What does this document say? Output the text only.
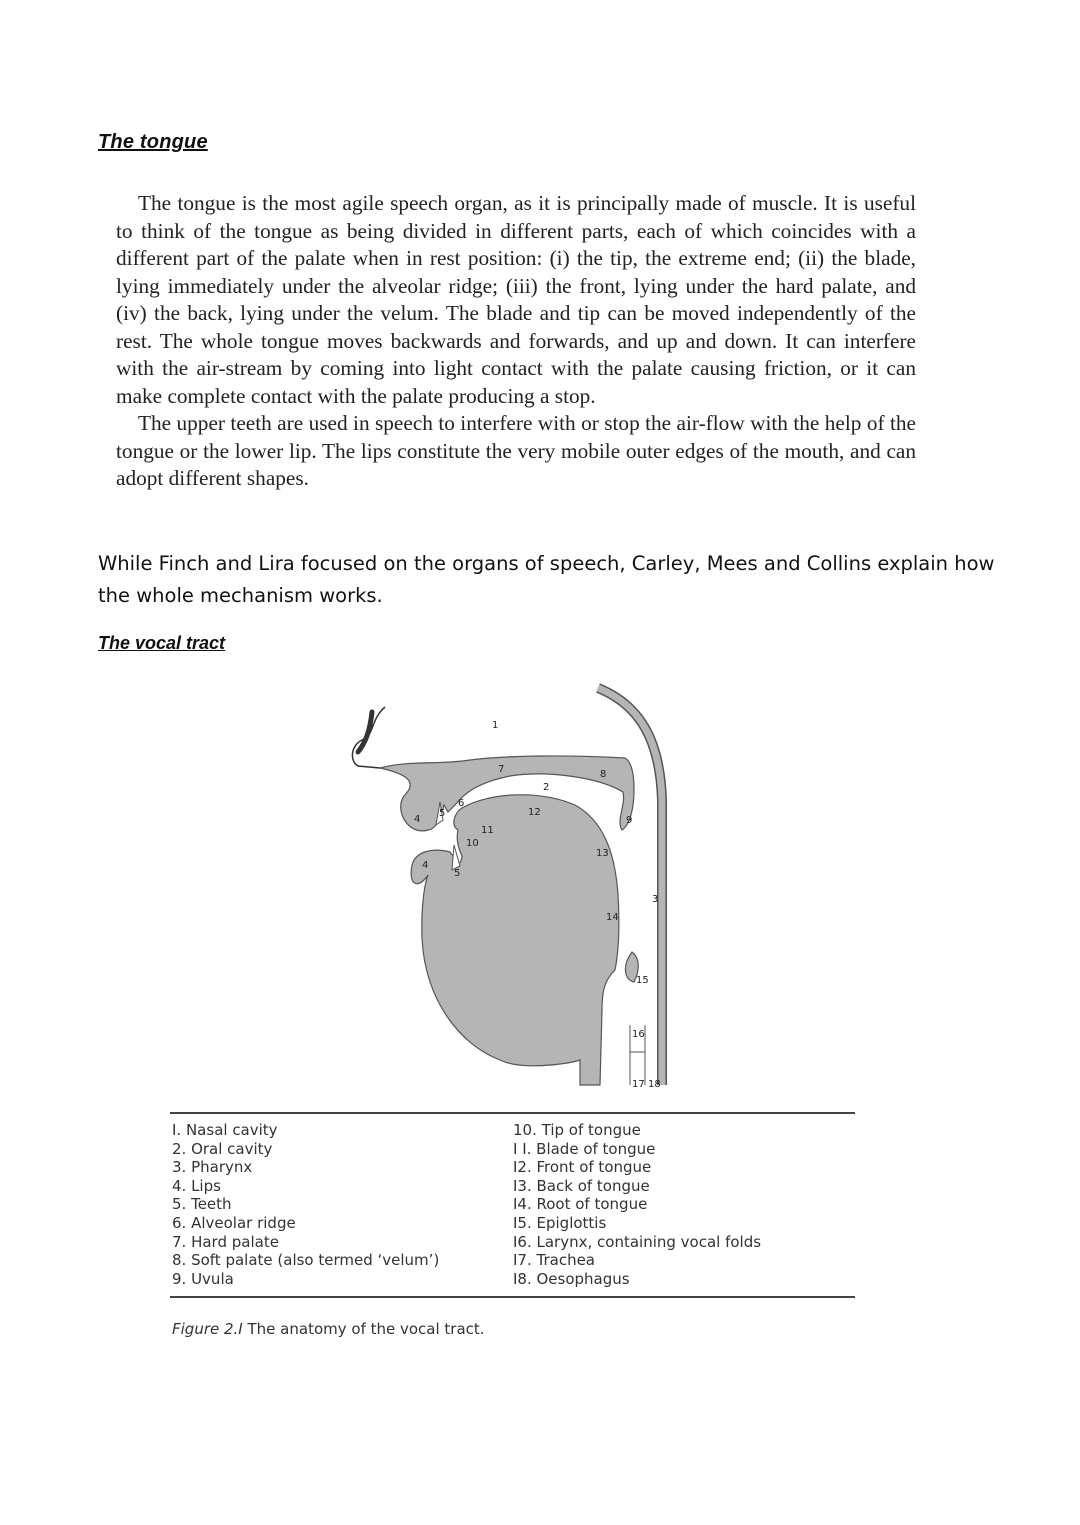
The tongue

The tongue is the most agile speech organ, as it is principally made of muscle. It is useful to think of the tongue as being divided in different parts, each of which coincides with a different part of the palate when in rest position: (i) the tip, the extreme end; (ii) the blade, lying immediately under the alveolar ridge; (iii) the front, lying under the hard palate, and (iv) the back, lying under the velum. The blade and tip can be moved independently of the rest. The whole tongue moves backwards and forwards, and up and down. It can interfere with the air-stream by coming into light contact with the palate causing friction, or it can make complete contact with the palate producing a stop.

The upper teeth are used in speech to interfere with or stop the air-flow with the help of the tongue or the lower lip. The lips constitute the very mobile outer edges of the mouth, and can adopt different shapes.

While Finch and Lira focused on the organs of speech, Carley, Mees and Collins explain how the whole mechanism works.
The vocal tract
1
2
3
4
4
5
5
6
7	8
9
10
11
12
13
14
15
16
17 18
I. Nasal cavity
2. Oral cavity
3. Pharynx
4. Lips
5. Teeth
6. Alveolar ridge
7. Hard palate
8. Soft palate (also termed ‘velum’)
9. Uvula
10. Tip of tongue
I I. Blade of tongue
I2. Front of tongue
I3. Back of tongue
I4. Root of tongue
I5. Epiglottis
I6. Larynx, containing vocal folds
I7. Trachea
I8. Oesophagus
Figure 2.I The anatomy of the vocal tract.
